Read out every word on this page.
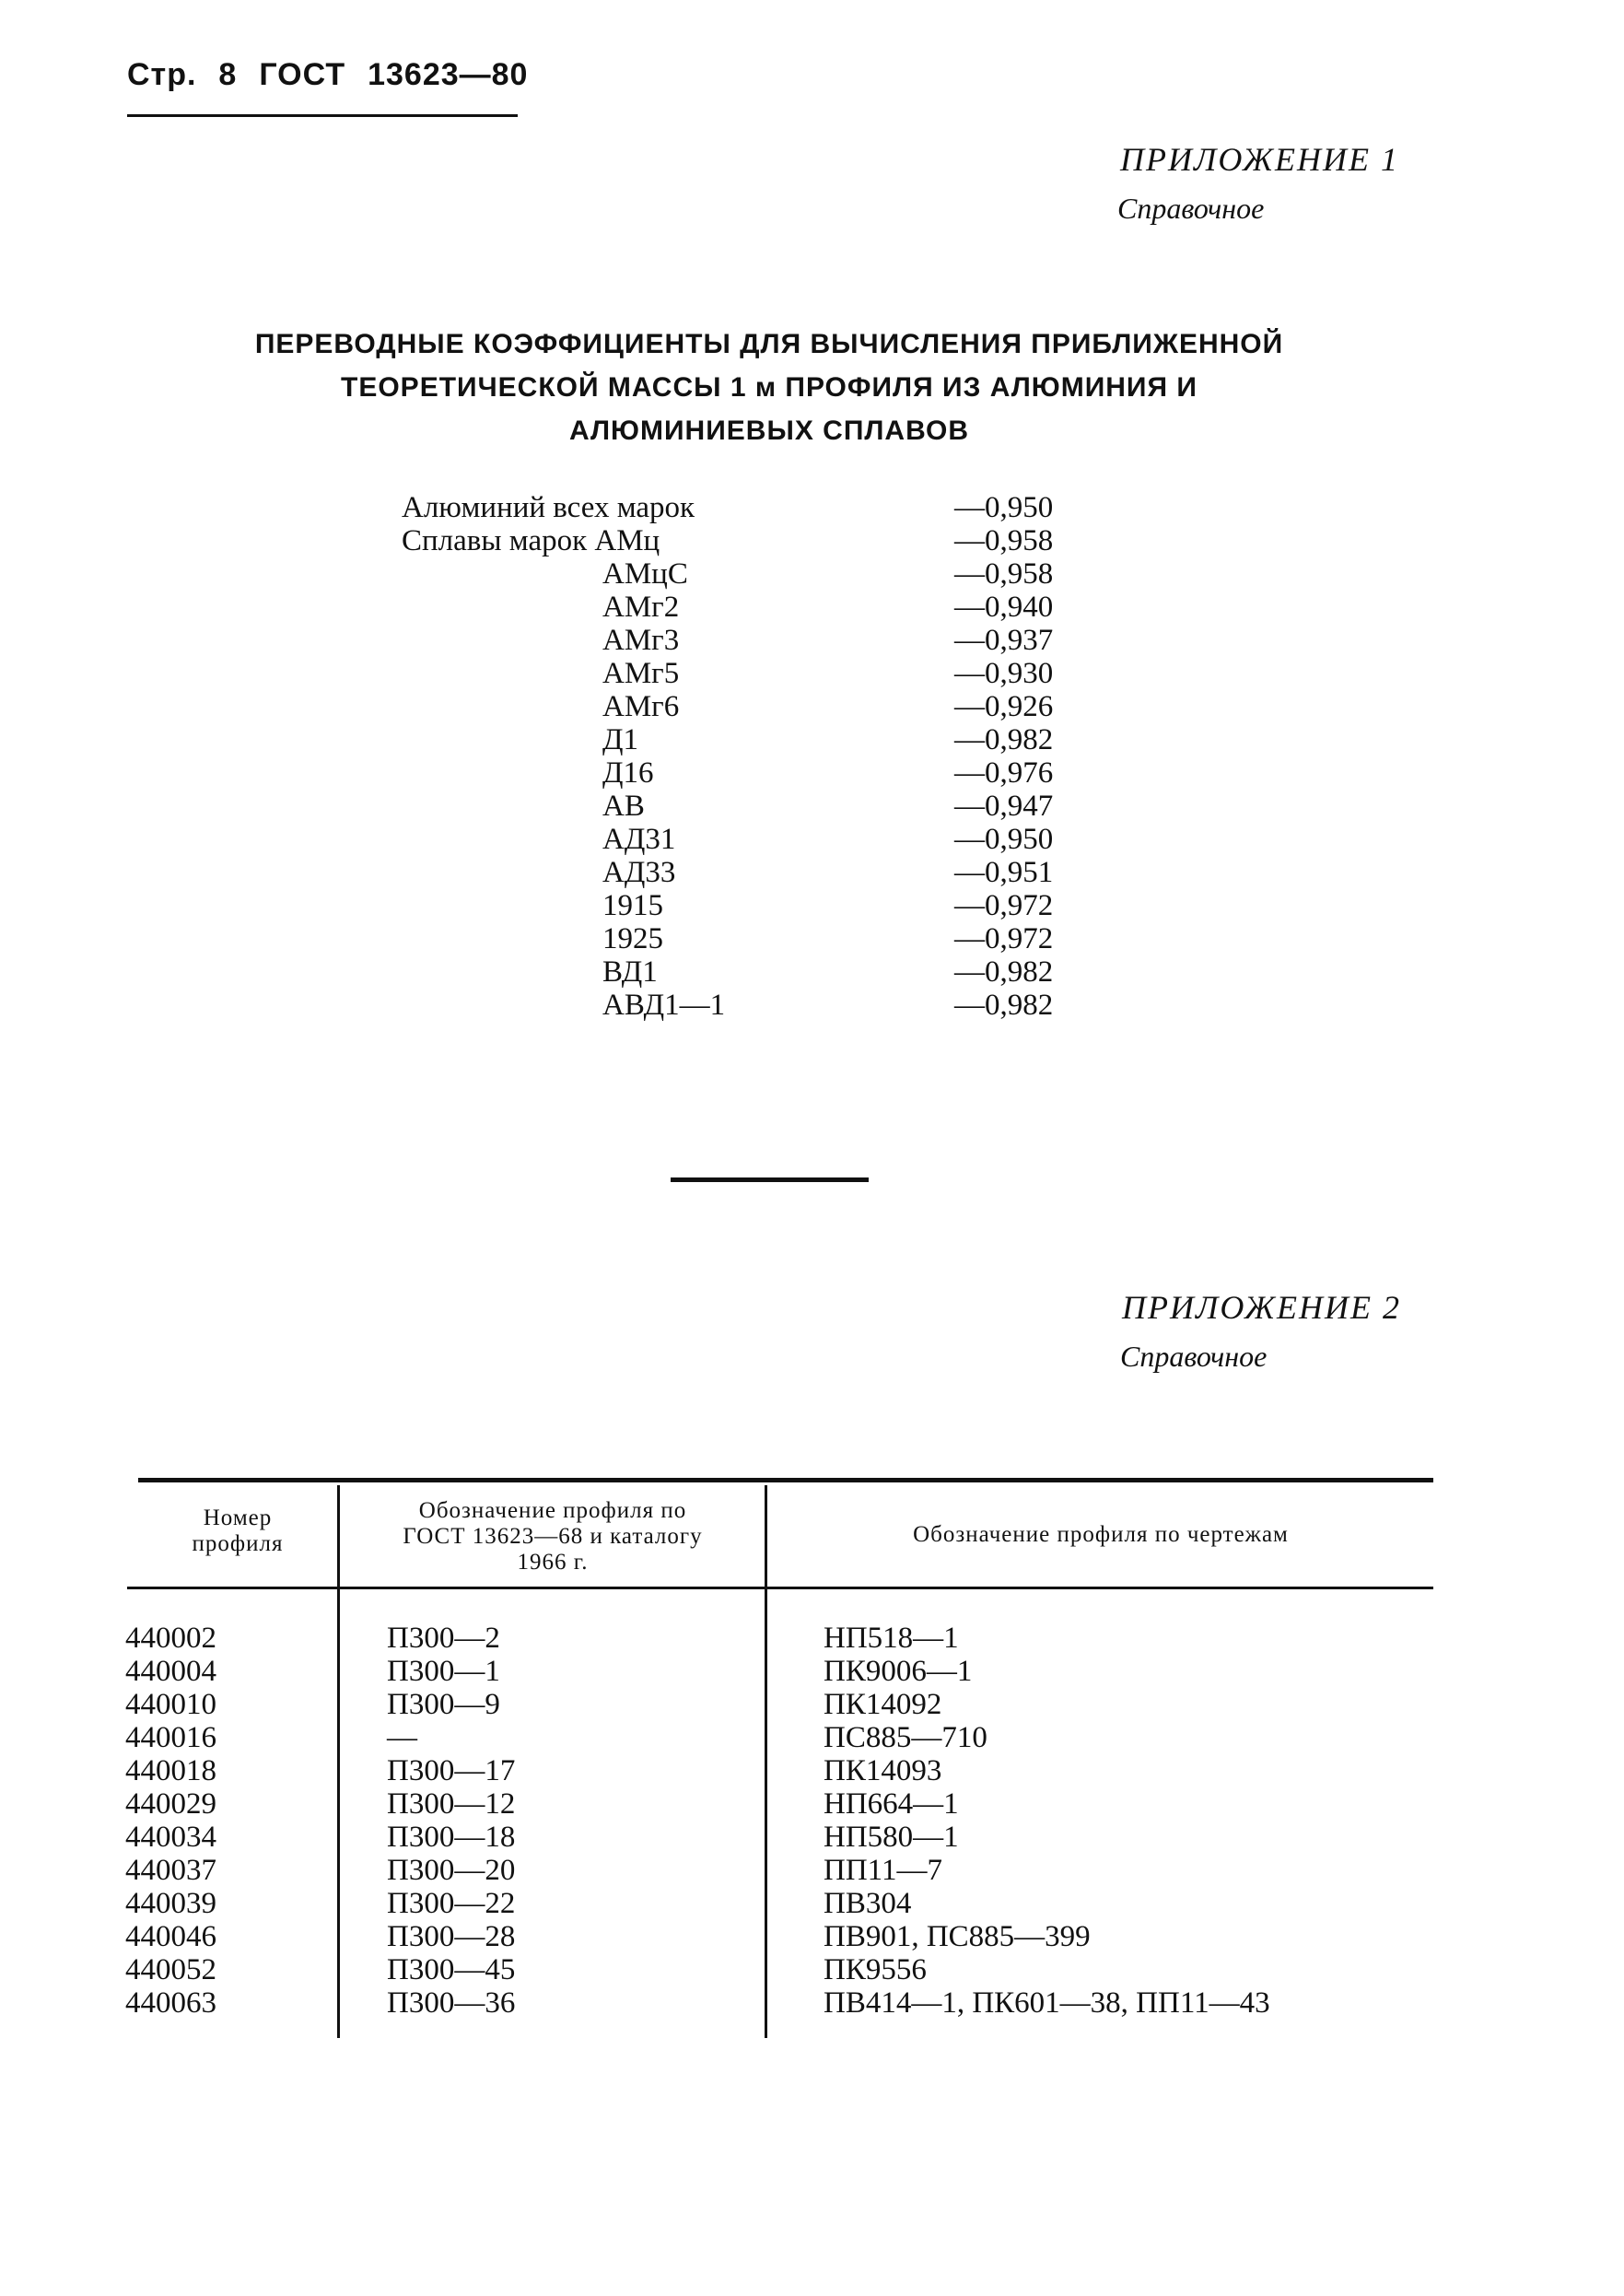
Стр. 8 ГОСТ 13623—80
ПРИЛОЖЕНИЕ 1
Справочное
ПЕРЕВОДНЫЕ КОЭФФИЦИЕНТЫ ДЛЯ ВЫЧИСЛЕНИЯ ПРИБЛИЖЕННОЙ
ТЕОРЕТИЧЕСКОЙ МАССЫ 1 м ПРОФИЛЯ ИЗ АЛЮМИНИЯ И
АЛЮМИНИЕВЫХ СПЛАВОВ
Алюминий всех марок	—0,950
Сплавы марок АМц	—0,958
АМцС	—0,958
АМг2	—0,940
АМг3	—0,937
АМг5	—0,930
АМг6	—0,926
Д1	—0,982
Д16	—0,976
АВ	—0,947
АД31	—0,950
АД33	—0,951
1915	—0,972
1925	—0,972
ВД1	—0,982
АВД1—1	—0,982
ПРИЛОЖЕНИЕ 2
Справочное
Номер
профиля
Обозначение профиля по
ГОСТ 13623—68 и каталогу
1966 г.
Обозначение профиля по чертежам
440002	П300—2	НП518—1
440004	П300—1	ПК9006—1
440010	П300—9	ПК14092
440016	—	ПС885—710
440018	П300—17	ПК14093
440029	П300—12	НП664—1
440034	П300—18	НП580—1
440037	П300—20	ПП11—7
440039	П300—22	ПВ304
440046	П300—28	ПВ901, ПС885—399
440052	П300—45	ПК9556
440063	П300—36	ПВ414—1, ПК601—38, ПП11—43
